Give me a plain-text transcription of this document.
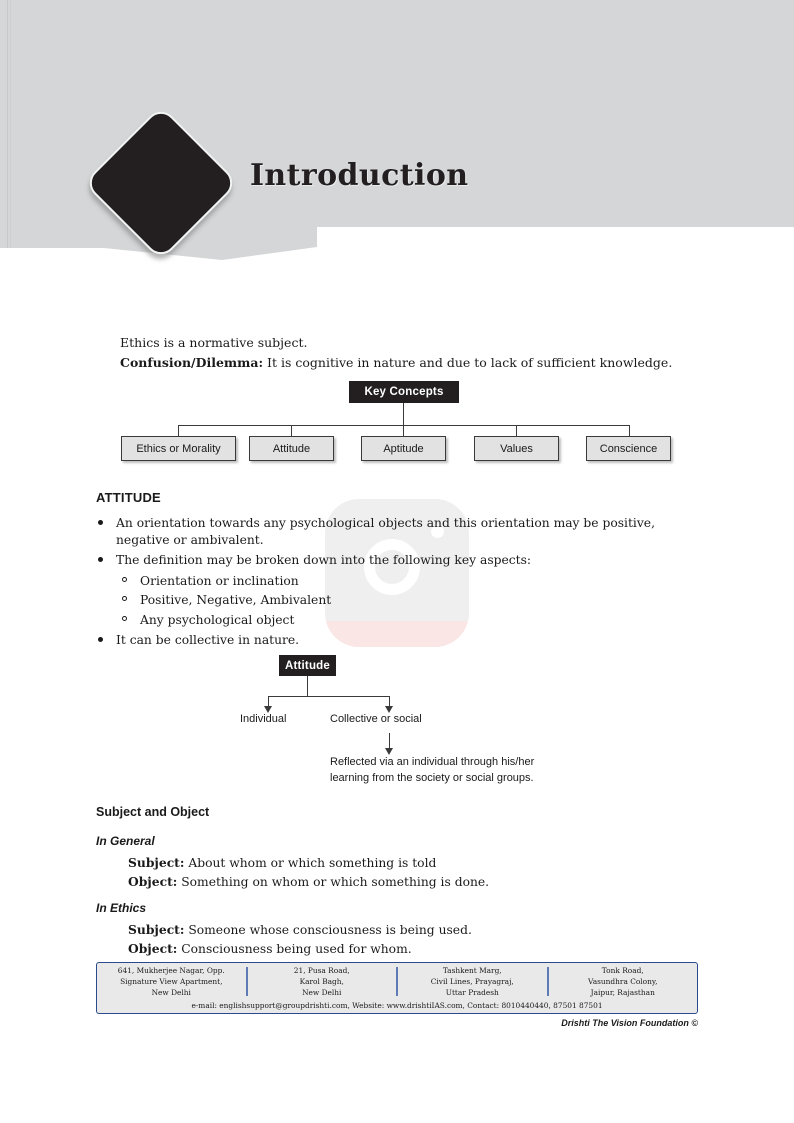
Introduction
Ethics is a normative subject.
Confusion/Dilemma: It is cognitive in nature and due to lack of sufficient knowledge.
Key Concepts
Ethics or Morality	Attitude	Aptitude	Values	Conscience
ATTITUDE
An orientation towards any psychological objects and this orientation may be positive, negative or ambivalent.
The definition may be broken down into the following key aspects:
Orientation or inclination
Positive, Negative, Ambivalent
Any psychological object
It can be collective in nature.
Attitude
Individual	Collective or social
Reflected via an individual through his/her
learning from the society or social groups.
Subject and Object
In General
Subject: About whom or which something is told
Object: Something on whom or which something is done.
In Ethics
Subject: Someone whose consciousness is being used.
Object: Consciousness being used for whom.
641, Mukherjee Nagar, Opp.
Signature View Apartment,
New Delhi
21, Pusa Road,
Karol Bagh,
New Delhi
Tashkent Marg,
Civil Lines, Prayagraj,
Uttar Pradesh
Tonk Road,
Vasundhra Colony,
Jaipur, Rajasthan
e-mail: englishsupport@groupdrishti.com, Website: www.drishtiIAS.com, Contact: 8010440440, 87501 87501
Drishti The Vision Foundation ©
